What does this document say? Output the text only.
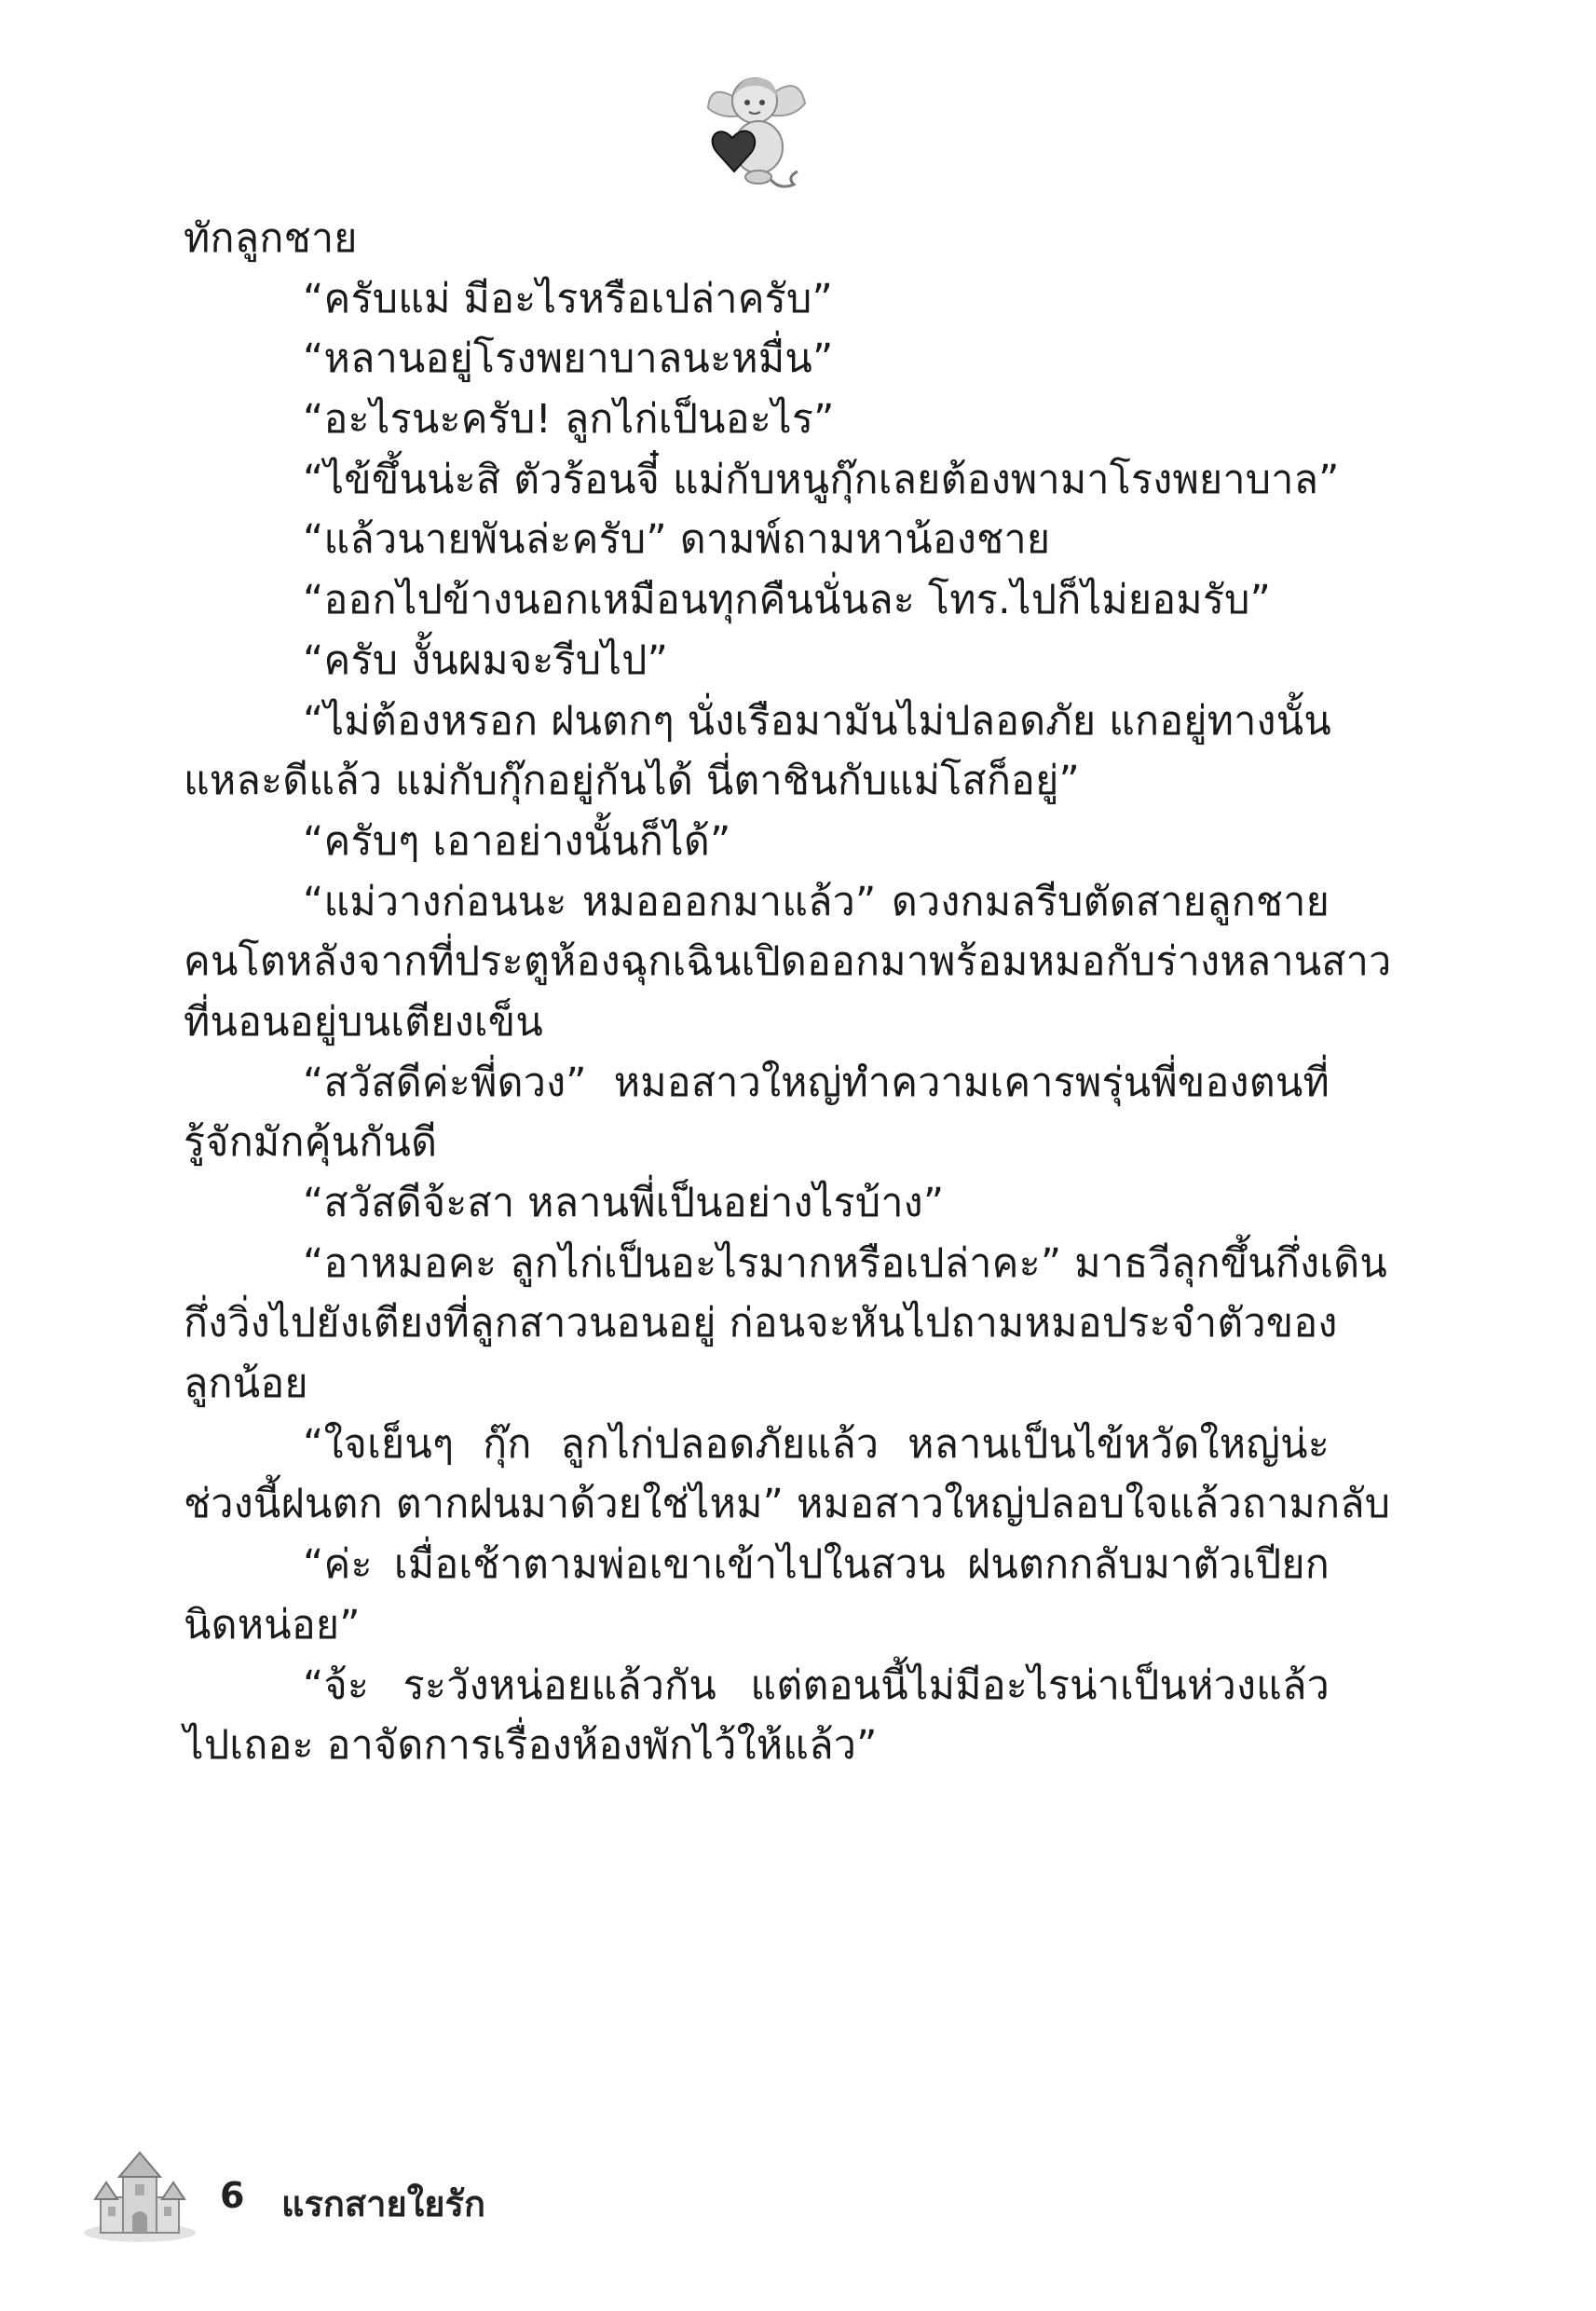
ทักลูกชาย
“ครับแม่ มีอะไรหรือเปล่าครับ”
“หลานอยู่โรงพยาบาลนะหมื่น”
“อะไรนะครับ! ลูกไก่เป็นอะไร”
“ไข้ขึ้นน่ะสิ ตัวร้อนจี๋ แม่กับหนูกุ๊กเลยต้องพามาโรงพยาบาล”
“แล้วนายพันล่ะครับ” ดามพ์ถามหาน้องชาย
“ออกไปข้างนอกเหมือนทุกคืนนั่นละ โทร.ไปก็ไม่ยอมรับ”
“ครับ งั้นผมจะรีบไป”
“ไม่ต้องหรอก ฝนตกๆ นั่งเรือมามันไม่ปลอดภัย แกอยู่ทางนั้น
แหละดีแล้ว แม่กับกุ๊กอยู่กันได้ นี่ตาชินกับแม่โสก็อยู่”
“ครับๆ เอาอย่างนั้นก็ได้”
“แม่วางก่อนนะ หมอออกมาแล้ว” ดวงกมลรีบตัดสายลูกชาย
คนโตหลังจากที่ประตูห้องฉุกเฉินเปิดออกมาพร้อมหมอกับร่างหลานสาว
ที่นอนอยู่บนเตียงเข็น
“สวัสดีค่ะพี่ดวง” หมอสาวใหญ่ทำความเคารพรุ่นพี่ของตนที่
รู้จักมักคุ้นกันดี
“สวัสดีจ้ะสา หลานพี่เป็นอย่างไรบ้าง”
“อาหมอคะ ลูกไก่เป็นอะไรมากหรือเปล่าคะ” มาธวีลุกขึ้นกึ่งเดิน
กึ่งวิ่งไปยังเตียงที่ลูกสาวนอนอยู่ ก่อนจะหันไปถามหมอประจำตัวของ
ลูกน้อย
“ใจเย็นๆ กุ๊ก ลูกไก่ปลอดภัยแล้ว หลานเป็นไข้หวัดใหญ่น่ะ
ช่วงนี้ฝนตก ตากฝนมาด้วยใช่ไหม” หมอสาวใหญ่ปลอบใจแล้วถามกลับ
“ค่ะ เมื่อเช้าตามพ่อเขาเข้าไปในสวน ฝนตกกลับมาตัวเปียก
นิดหน่อย”
“จ้ะ ระวังหน่อยแล้วกัน แต่ตอนนี้ไม่มีอะไรน่าเป็นห่วงแล้ว
ไปเถอะ อาจัดการเรื่องห้องพักไว้ให้แล้ว”
6 แรกสายใยรัก
